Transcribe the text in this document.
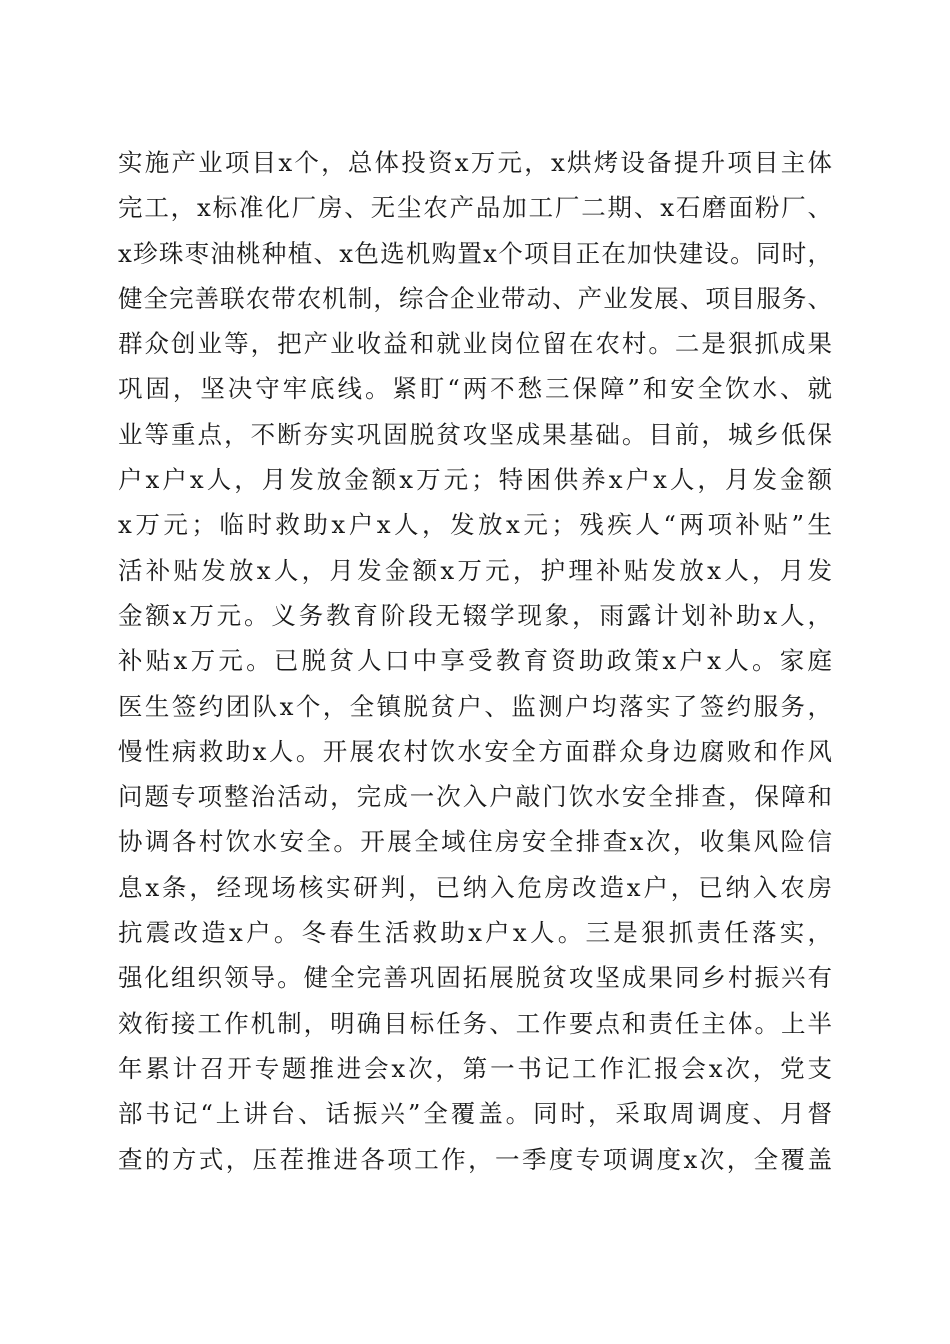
实施产业项目x个，总体投资x万元，x烘烤设备提升项目主体
完工，x标准化厂房、无尘农产品加工厂二期、x石磨面粉厂、
x珍珠枣油桃种植、x色选机购置x个项目正在加快建设。同时，
健全完善联农带农机制，综合企业带动、产业发展、项目服务、
群众创业等，把产业收益和就业岗位留在农村。二是狠抓成果
巩固，坚决守牢底线。紧盯“两不愁三保障”和安全饮水、就
业等重点，不断夯实巩固脱贫攻坚成果基础。目前，城乡低保
户x户x人，月发放金额x万元；特困供养x户x人，月发金额
x万元；临时救助x户x人，发放x元；残疾人“两项补贴”生
活补贴发放x人，月发金额x万元，护理补贴发放x人，月发
金额x万元。义务教育阶段无辍学现象，雨露计划补助x人，
补贴x万元。已脱贫人口中享受教育资助政策x户x人。家庭
医生签约团队x个，全镇脱贫户、监测户均落实了签约服务，
慢性病救助x人。开展农村饮水安全方面群众身边腐败和作风
问题专项整治活动，完成一次入户敲门饮水安全排查，保障和
协调各村饮水安全。开展全域住房安全排查x次，收集风险信
息x条，经现场核实研判，已纳入危房改造x户，已纳入农房
抗震改造x户。冬春生活救助x户x人。三是狠抓责任落实，
强化组织领导。健全完善巩固拓展脱贫攻坚成果同乡村振兴有
效衔接工作机制，明确目标任务、工作要点和责任主体。上半
年累计召开专题推进会x次，第一书记工作汇报会x次，党支
部书记“上讲台、话振兴”全覆盖。同时，采取周调度、月督
查的方式，压茬推进各项工作，一季度专项调度x次，全覆盖
